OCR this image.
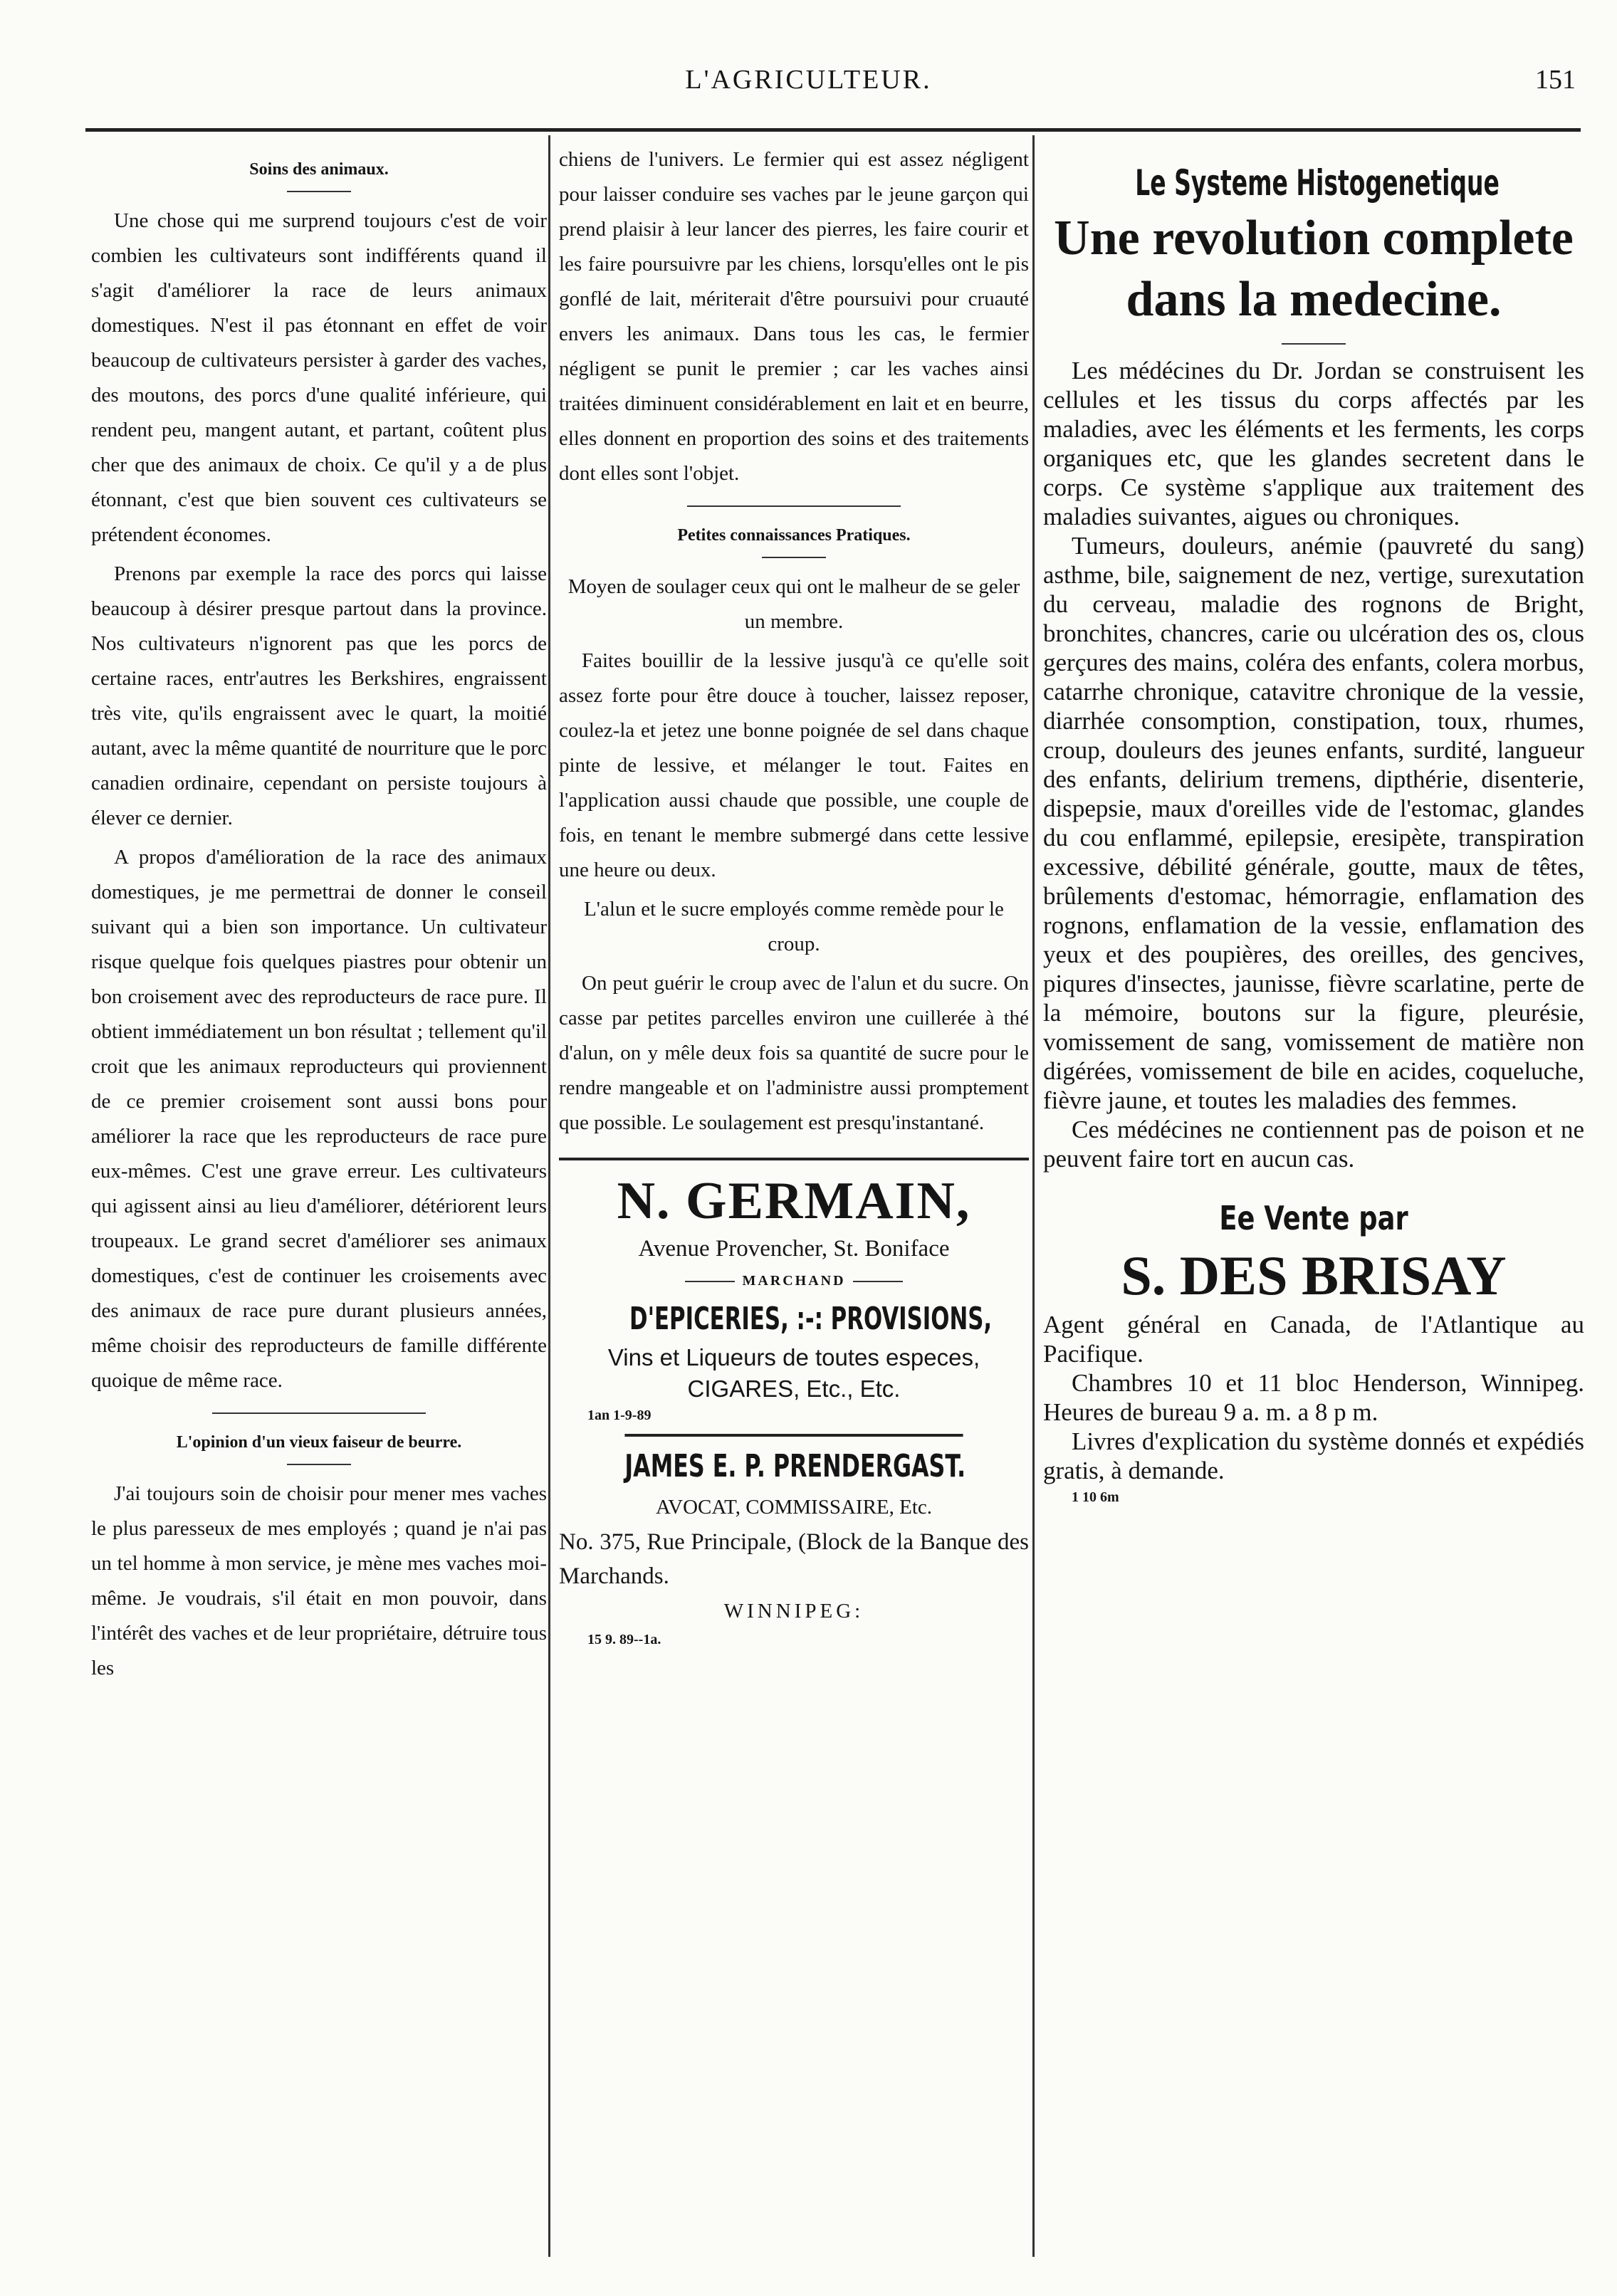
L'AGRICULTEUR.	151
Soins des animaux.

Une chose qui me surprend toujours c'est de voir combien les cultivateurs sont indifférents quand il s'agit d'améliorer la race de leurs animaux domestiques. N'est il pas étonnant en effet de voir beaucoup de cultivateurs persister à garder des vaches, des moutons, des porcs d'une qualité inférieure, qui rendent peu, mangent autant, et partant, coûtent plus cher que des animaux de choix. Ce qu'il y a de plus étonnant, c'est que bien souvent ces cultivateurs se prétendent économes.

Prenons par exemple la race des porcs qui laisse beaucoup à désirer presque partout dans la province. Nos cultivateurs n'ignorent pas que les porcs de certaine races, entr'autres les Berkshires, engraissent très vite, qu'ils engraissent avec le quart, la moitié autant, avec la même quantité de nourriture que le porc canadien ordinaire, cependant on persiste toujours à élever ce dernier.

A propos d'amélioration de la race des animaux domestiques, je me permettrai de donner le conseil suivant qui a bien son importance. Un cultivateur risque quelque fois quelques piastres pour obtenir un bon croisement avec des reproducteurs de race pure. Il obtient immédiatement un bon résultat ; tellement qu'il croit que les animaux reproducteurs qui proviennent de ce premier croisement sont aussi bons pour améliorer la race que les reproducteurs de race pure eux-mêmes. C'est une grave erreur. Les cultivateurs qui agissent ainsi au lieu d'améliorer, détériorent leurs troupeaux. Le grand secret d'améliorer ses animaux domestiques, c'est de continuer les croisements avec des animaux de race pure durant plusieurs années, même choisir des reproducteurs de famille différente quoique de même race.

L'opinion d'un vieux faiseur de beurre.

J'ai toujours soin de choisir pour mener mes vaches le plus paresseux de mes employés ; quand je n'ai pas un tel homme à mon service, je mène mes vaches moi-même. Je voudrais, s'il était en mon pouvoir, dans l'intérêt des vaches et de leur propriétaire, détruire tous les

chiens de l'univers. Le fermier qui est assez négligent pour laisser conduire ses vaches par le jeune garçon qui prend plaisir à leur lancer des pierres, les faire courir et les faire poursuivre par les chiens, lorsqu'elles ont le pis gonflé de lait, mériterait d'être poursuivi pour cruauté envers les animaux. Dans tous les cas, le fermier négligent se punit le premier ; car les vaches ainsi traitées diminuent considérablement en lait et en beurre, elles donnent en proportion des soins et des traitements dont elles sont l'objet.

Petites connaissances Pratiques.

Moyen de soulager ceux qui ont le malheur de se geler un membre.

Faites bouillir de la lessive jusqu'à ce qu'elle soit assez forte pour être douce à toucher, laissez reposer, coulez-la et jetez une bonne poignée de sel dans chaque pinte de lessive, et mélanger le tout. Faites en l'application aussi chaude que possible, une couple de fois, en tenant le membre submergé dans cette lessive une heure ou deux.

L'alun et le sucre employés comme remède pour le croup.

On peut guérir le croup avec de l'alun et du sucre. On casse par petites parcelles environ une cuillerée à thé d'alun, on y mêle deux fois sa quantité de sucre pour le rendre mangeable et on l'administre aussi promptement que possible. Le soulagement est presqu'instantané.

N. GERMAIN,
Avenue Provencher, St. Boniface
MARCHAND
D'EPICERIES, :-: PROVISIONS,
Vins et Liqueurs de toutes especes,
CIGARES, Etc., Etc.
1an 1-9-89
JAMES E. P. PRENDERGAST.
AVOCAT, COMMISSAIRE, Etc.
No. 375, Rue Principale, (Block de la Banque des Marchands.
WINNIPEG:
15 9. 89--1a.
Le Systeme Histogenetique
Une revolution complete dans la medecine.

Les médécines du Dr. Jordan se construisent les cellules et les tissus du corps affectés par les maladies, avec les éléments et les ferments, les corps organiques etc, que les glandes secretent dans le corps. Ce système s'applique aux traitement des maladies suivantes, aigues ou chroniques.

Tumeurs, douleurs, anémie (pauvreté du sang) asthme, bile, saignement de nez, vertige, surexutation du cerveau, maladie des rognons de Bright, bronchites, chancres, carie ou ulcération des os, clous gerçures des mains, coléra des enfants, colera morbus, catarrhe chronique, catavitre chronique de la vessie, diarrhée consomption, constipation, toux, rhumes, croup, douleurs des jeunes enfants, surdité, langueur des enfants, delirium tremens, dipthérie, disenterie, dispepsie, maux d'oreilles vide de l'estomac, glandes du cou enflammé, epilepsie, eresipète, transpiration excessive, débilité générale, goutte, maux de têtes, brûlements d'estomac, hémorragie, enflamation des rognons, enflamation de la vessie, enflamation des yeux et des poupières, des oreilles, des gencives, piqures d'insectes, jaunisse, fièvre scarlatine, perte de la mémoire, boutons sur la figure, pleurésie, vomissement de sang, vomissement de matière non digérées, vomissement de bile en acides, coqueluche, fièvre jaune, et toutes les maladies des femmes.

Ces médécines ne contiennent pas de poison et ne peuvent faire tort en aucun cas.

Ee Vente par
S. DES BRISAY

Agent général en Canada, de l'Atlantique au Pacifique.

Chambres 10 et 11 bloc Henderson, Winnipeg. Heures de bureau 9 a. m. a 8 p m.

Livres d'explication du système donnés et expédiés gratis, à demande.

1 10 6m
